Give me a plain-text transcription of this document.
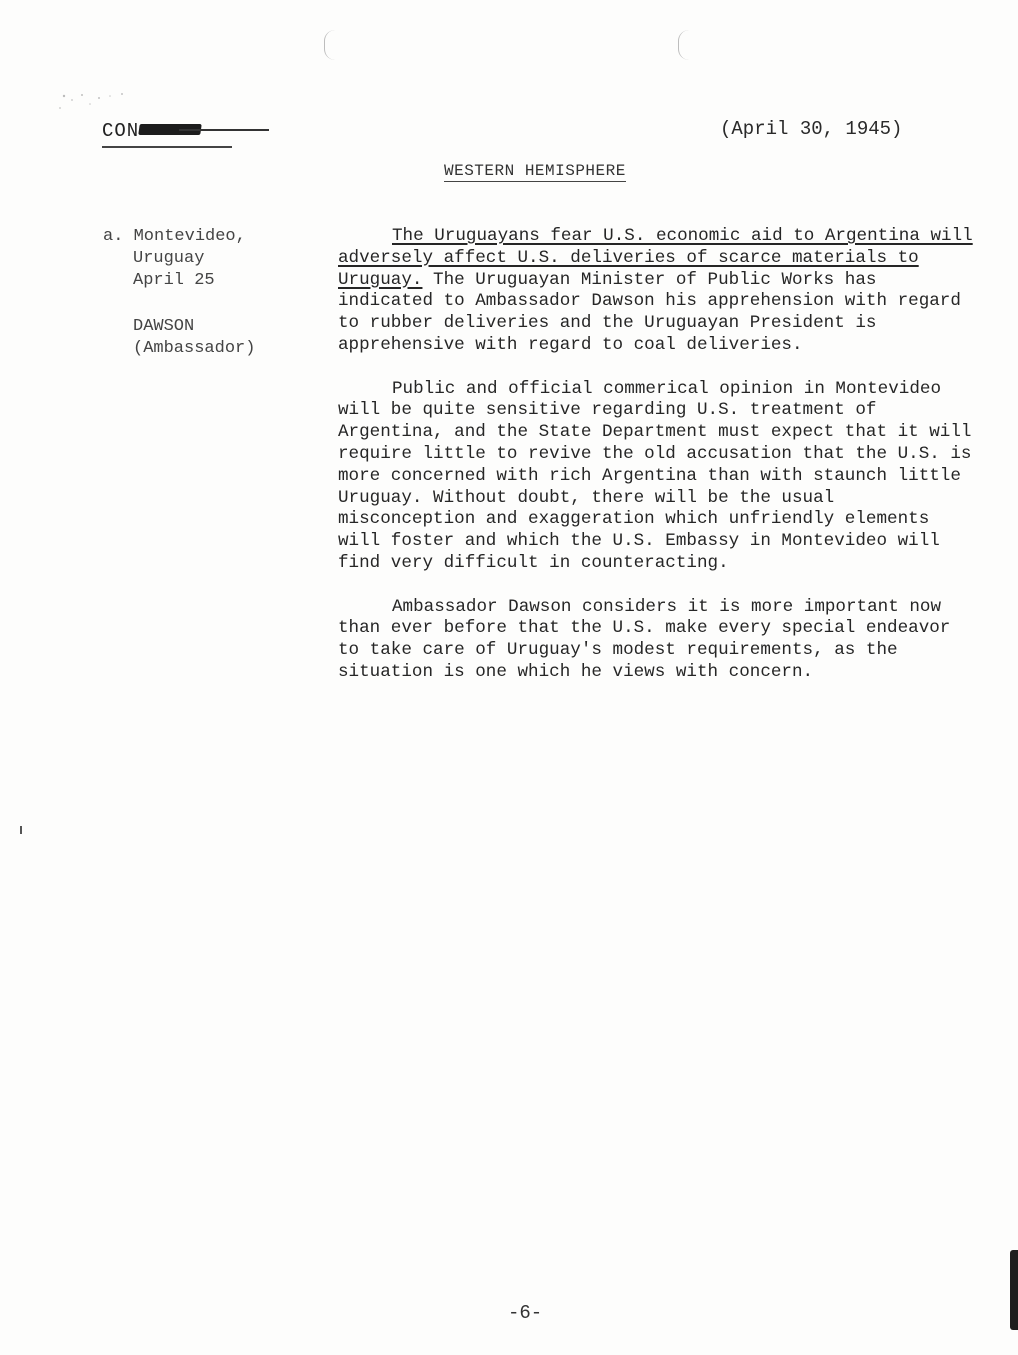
CON	(April 30, 1945)
WESTERN HEMISPHERE
a. Montevideo,
Uruguay
April 25
DAWSON
(Ambassador)

The Uruguayans fear U.S. economic aid to Argentina will adversely affect U.S. deliveries of scarce materials to Uruguay. The Uruguayan Minister of Public Works has indicated to Ambassador Dawson his apprehension with regard to rubber deliveries and the Uruguayan President is apprehensive with regard to coal deliveries.

Public and official commerical opinion in Montevideo will be quite sensitive regarding U.S. treatment of Argentina, and the State Department must expect that it will require little to revive the old accusation that the U.S. is more concerned with rich Argentina than with staunch little Uruguay. Without doubt, there will be the usual misconception and exaggeration which unfriendly elements will foster and which the U.S. Embassy in Montevideo will find very difficult in counteracting.

Ambassador Dawson considers it is more important now than ever before that the U.S. make every special endeavor to take care of Uruguay's modest requirements, as the situation is one which he views with concern.

-6-
